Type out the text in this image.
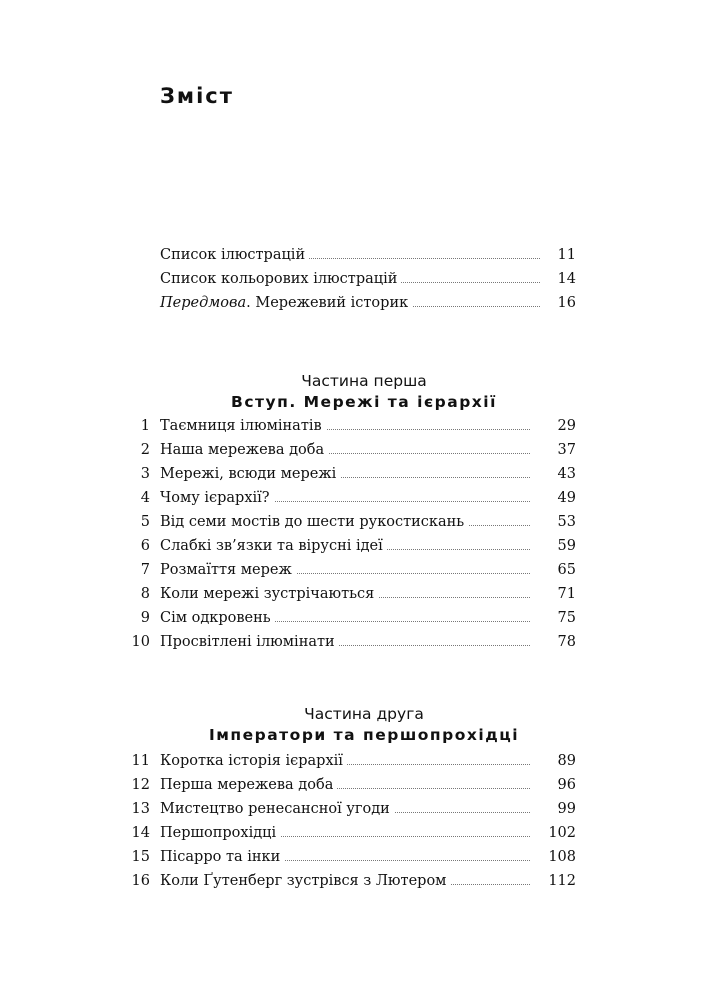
Зміст
Список ілюстрацій	11
Список кольорових ілюстрацій	14
Передмова. Мережевий історик	16

Частина перша

Вступ. Мережі та ієрархії

1 Таємниця ілюмінатів	29
2 Наша мережева доба	37
3 Мережі, всюди мережі	43
4 Чому ієрархії?	49
5 Від семи мостів до шести рукостискань	53
6 Слабкі зв’язки та вірусні ідеї	59
7 Розмаїття мереж	65
8 Коли мережі зустрічаються	71
9 Сім одкровень	75
10 Просвітлені ілюмінати	78

Частина друга

Імператори та першопрохідці

11 Коротка історія ієрархії	89
12 Перша мережева доба	96
13 Мистецтво ренесансної угоди	99
14 Першопрохідці	102
15 Пісарро та інки	108
16 Коли Ґутенберг зустрівся з Лютером	112
